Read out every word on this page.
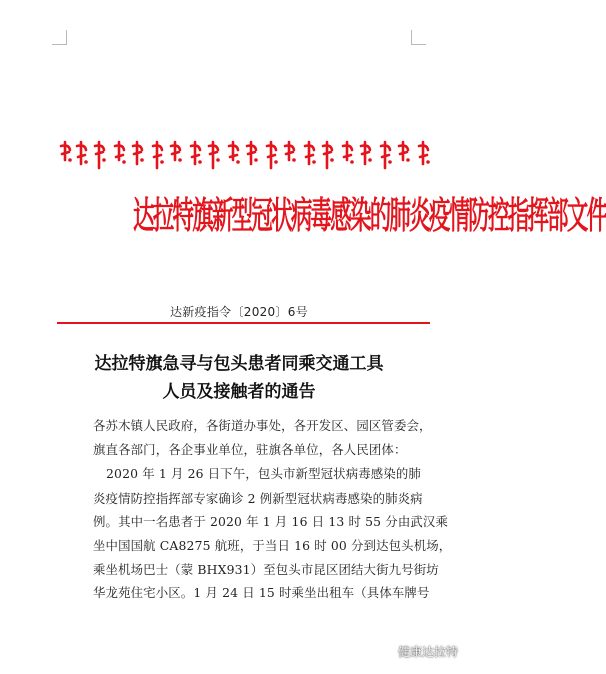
达拉特旗新型冠状病毒感染的肺炎疫情防控指挥部文件
达新疫指令〔2020〕6号
达拉特旗急寻与包头患者同乘交通工具
人员及接触者的通告
各苏木镇人民政府，各街道办事处，各开发区、园区管委会，
旗直各部门，各企事业单位，驻旗各单位，各人民团体：
2020 年 1 月 26 日下午，包头市新型冠状病毒感染的肺
炎疫情防控指挥部专家确诊 2 例新型冠状病毒感染的肺炎病
例。其中一名患者于 2020 年 1 月 16 日 13 时 55 分由武汉乘
坐中国国航 CA8275 航班，于当日 16 时 00 分到达包头机场，
乘坐机场巴士（蒙 BHX931）至包头市昆区团结大街九号街坊
华龙苑住宅小区。1 月 24 日 15 时乘坐出租车（具体车牌号
健康达拉特
